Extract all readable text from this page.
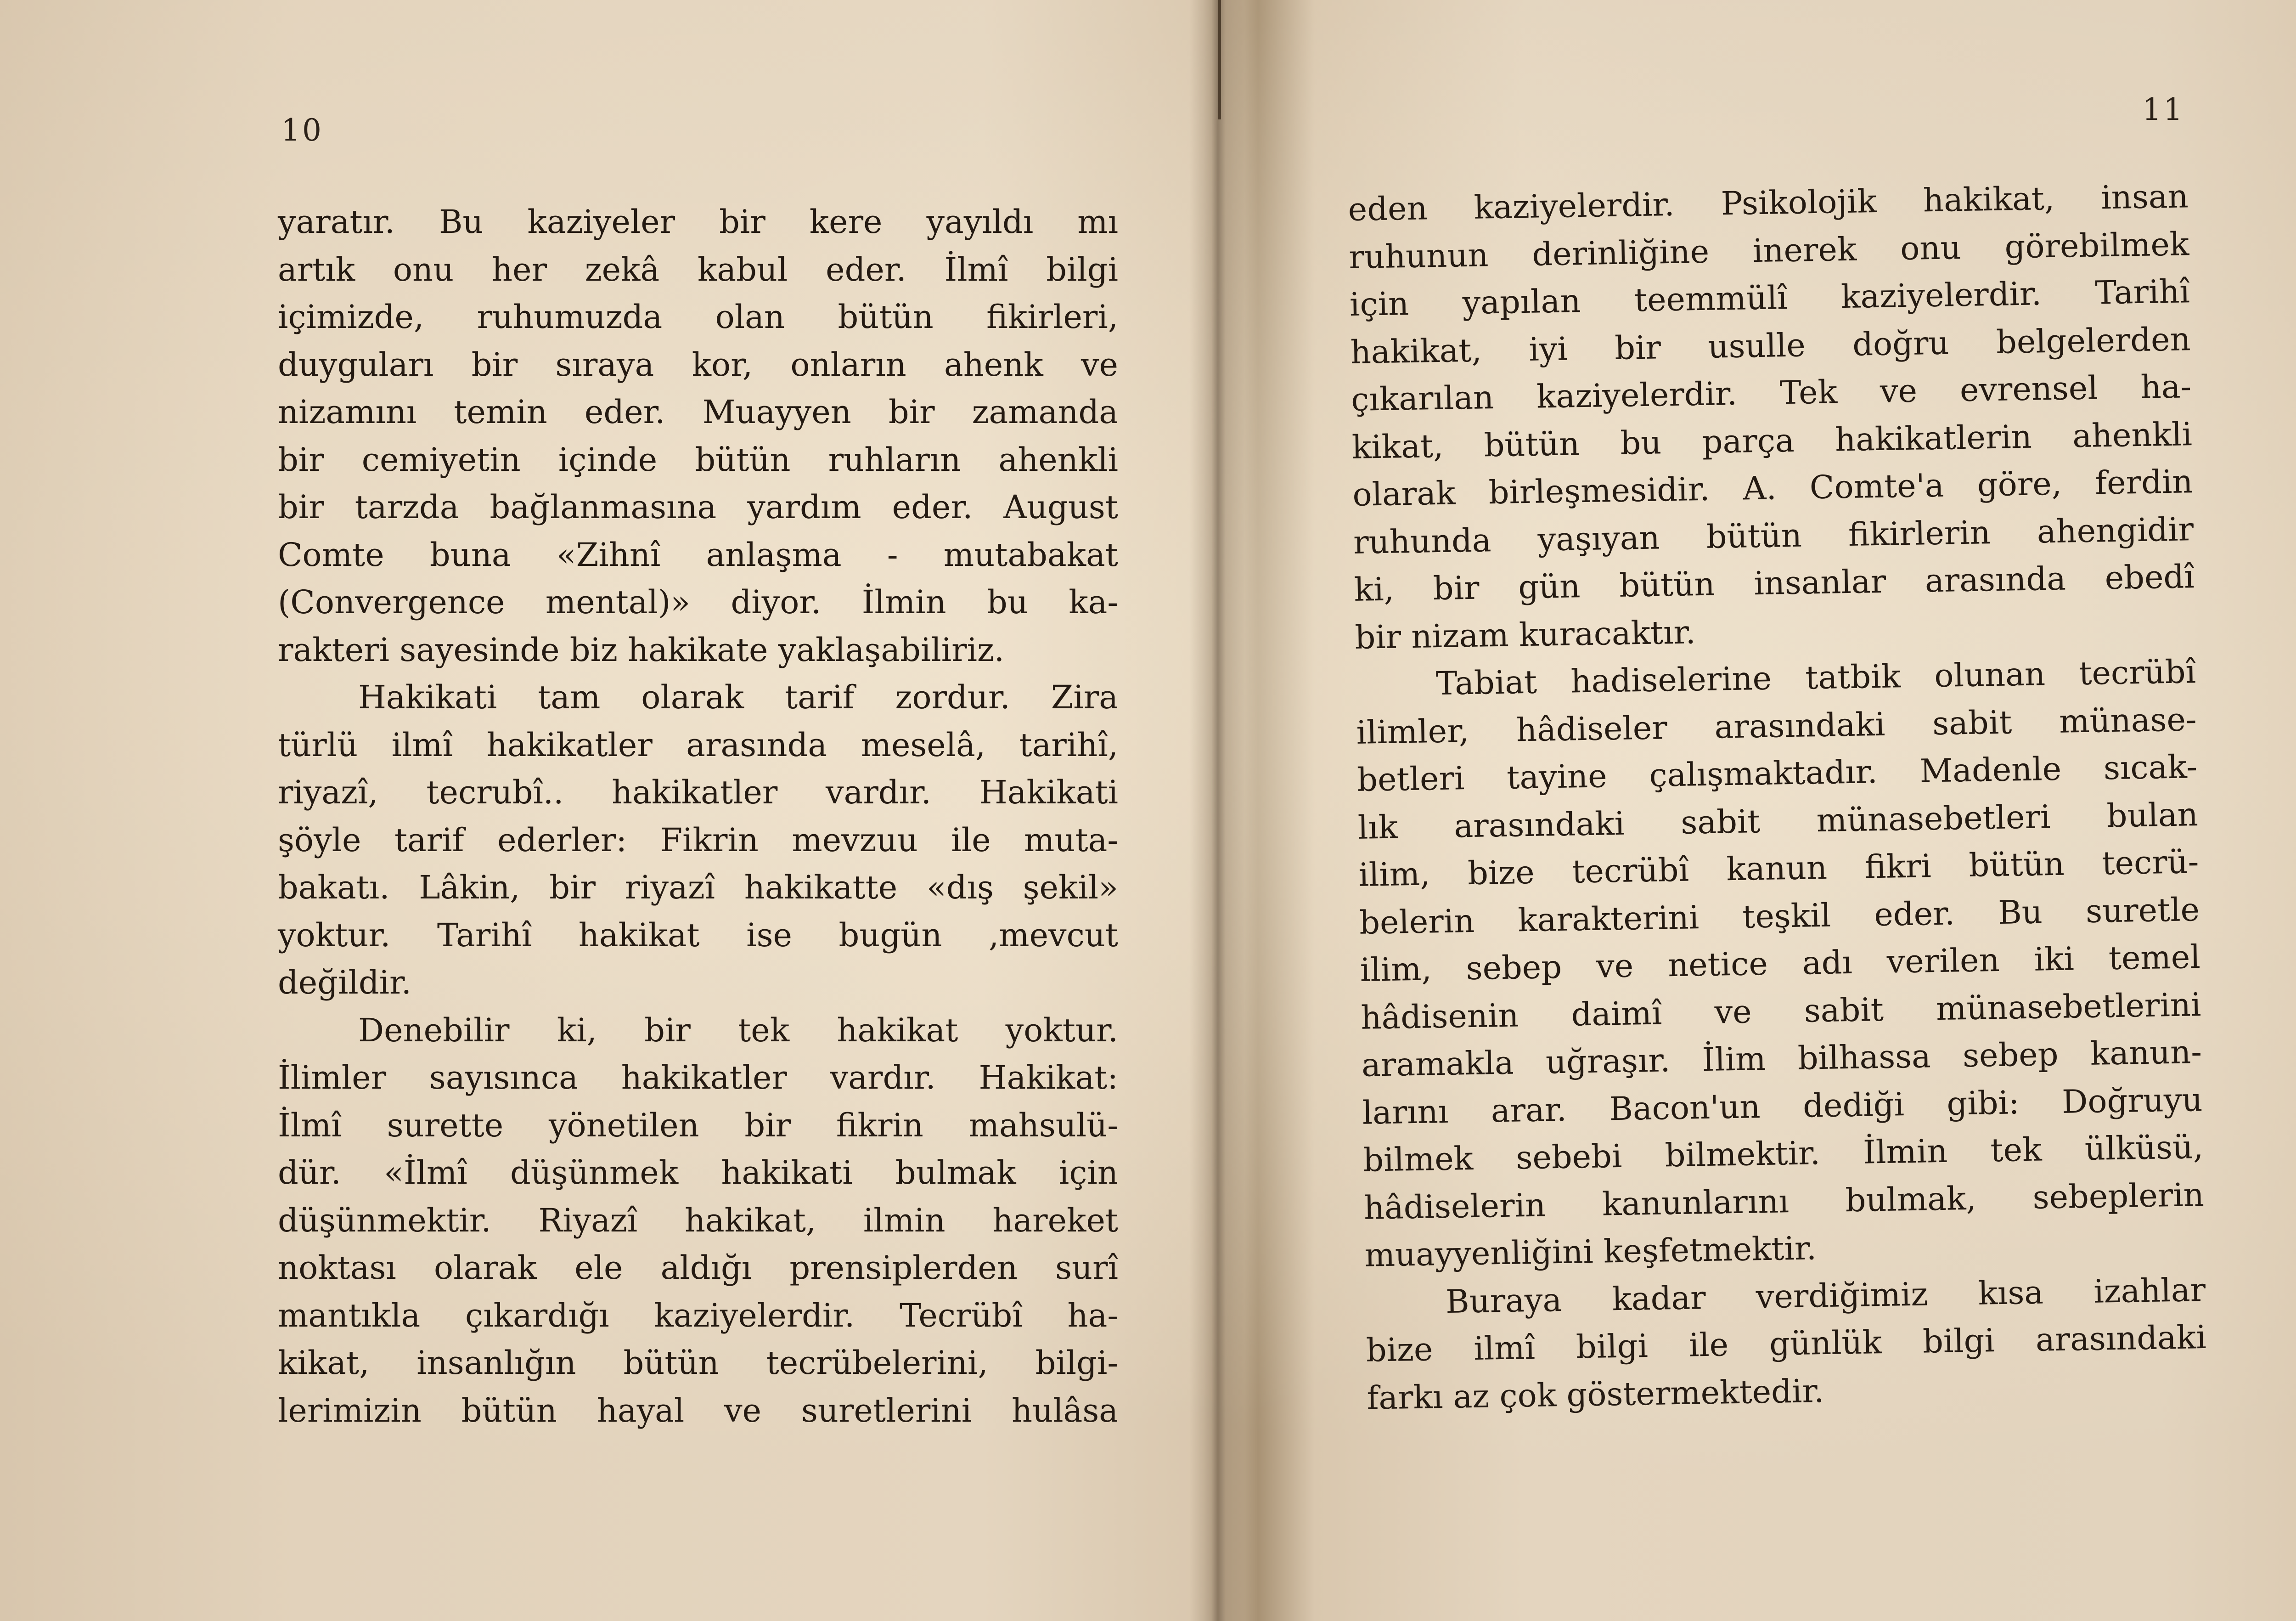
10
11
yaratır. Bu kaziyeler bir kere yayıldı mı
artık onu her zekâ kabul eder. İlmî bilgi
içimizde, ruhumuzda olan bütün fikirleri,
duyguları bir sıraya kor, onların ahenk ve
nizamını temin eder. Muayyen bir zamanda
bir cemiyetin içinde bütün ruhların ahenkli
bir tarzda bağlanmasına yardım eder. August
Comte buna «Zihnî anlaşma - mutabakat
(Convergence mental)» diyor. İlmin bu ka-
rakteri sayesinde biz hakikate yaklaşabiliriz.
Hakikati tam olarak tarif zordur. Zira
türlü ilmî hakikatler arasında meselâ, tarihî,
riyazî, tecrubî.. hakikatler vardır. Hakikati
şöyle tarif ederler: Fikrin mevzuu ile muta-
bakatı. Lâkin, bir riyazî hakikatte «dış şekil»
yoktur. Tarihî hakikat ise bugün ,mevcut
değildir.
Denebilir ki, bir tek hakikat yoktur.
İlimler sayısınca hakikatler vardır. Hakikat:
İlmî surette yönetilen bir fikrin mahsulü-
dür. «İlmî düşünmek hakikati bulmak için
düşünmektir. Riyazî hakikat, ilmin hareket
noktası olarak ele aldığı prensiplerden surî
mantıkla çıkardığı kaziyelerdir. Tecrübî ha-
kikat, insanlığın bütün tecrübelerini, bilgi-
lerimizin bütün hayal ve suretlerini hulâsa
eden kaziyelerdir. Psikolojik hakikat, insan
ruhunun derinliğine inerek onu görebilmek
için yapılan teemmülî kaziyelerdir. Tarihî
hakikat, iyi bir usulle doğru belgelerden
çıkarılan kaziyelerdir. Tek ve evrensel ha-
kikat, bütün bu parça hakikatlerin ahenkli
olarak birleşmesidir. A. Comte'a göre, ferdin
ruhunda yaşıyan bütün fikirlerin ahengidir
ki, bir gün bütün insanlar arasında ebedî
bir nizam kuracaktır.
Tabiat hadiselerine tatbik olunan tecrübî
ilimler, hâdiseler arasındaki sabit münase-
betleri tayine çalışmaktadır. Madenle sıcak-
lık arasındaki sabit münasebetleri bulan
ilim, bize tecrübî kanun fikri bütün tecrü-
belerin karakterini teşkil eder. Bu suretle
ilim, sebep ve netice adı verilen iki temel
hâdisenin daimî ve sabit münasebetlerini
aramakla uğraşır. İlim bilhassa sebep kanun-
larını arar. Bacon'un dediği gibi: Doğruyu
bilmek sebebi bilmektir. İlmin tek ülküsü,
hâdiselerin kanunlarını bulmak, sebeplerin
muayyenliğini keşfetmektir.
Buraya kadar verdiğimiz kısa izahlar
bize ilmî bilgi ile günlük bilgi arasındaki
farkı az çok göstermektedir.
